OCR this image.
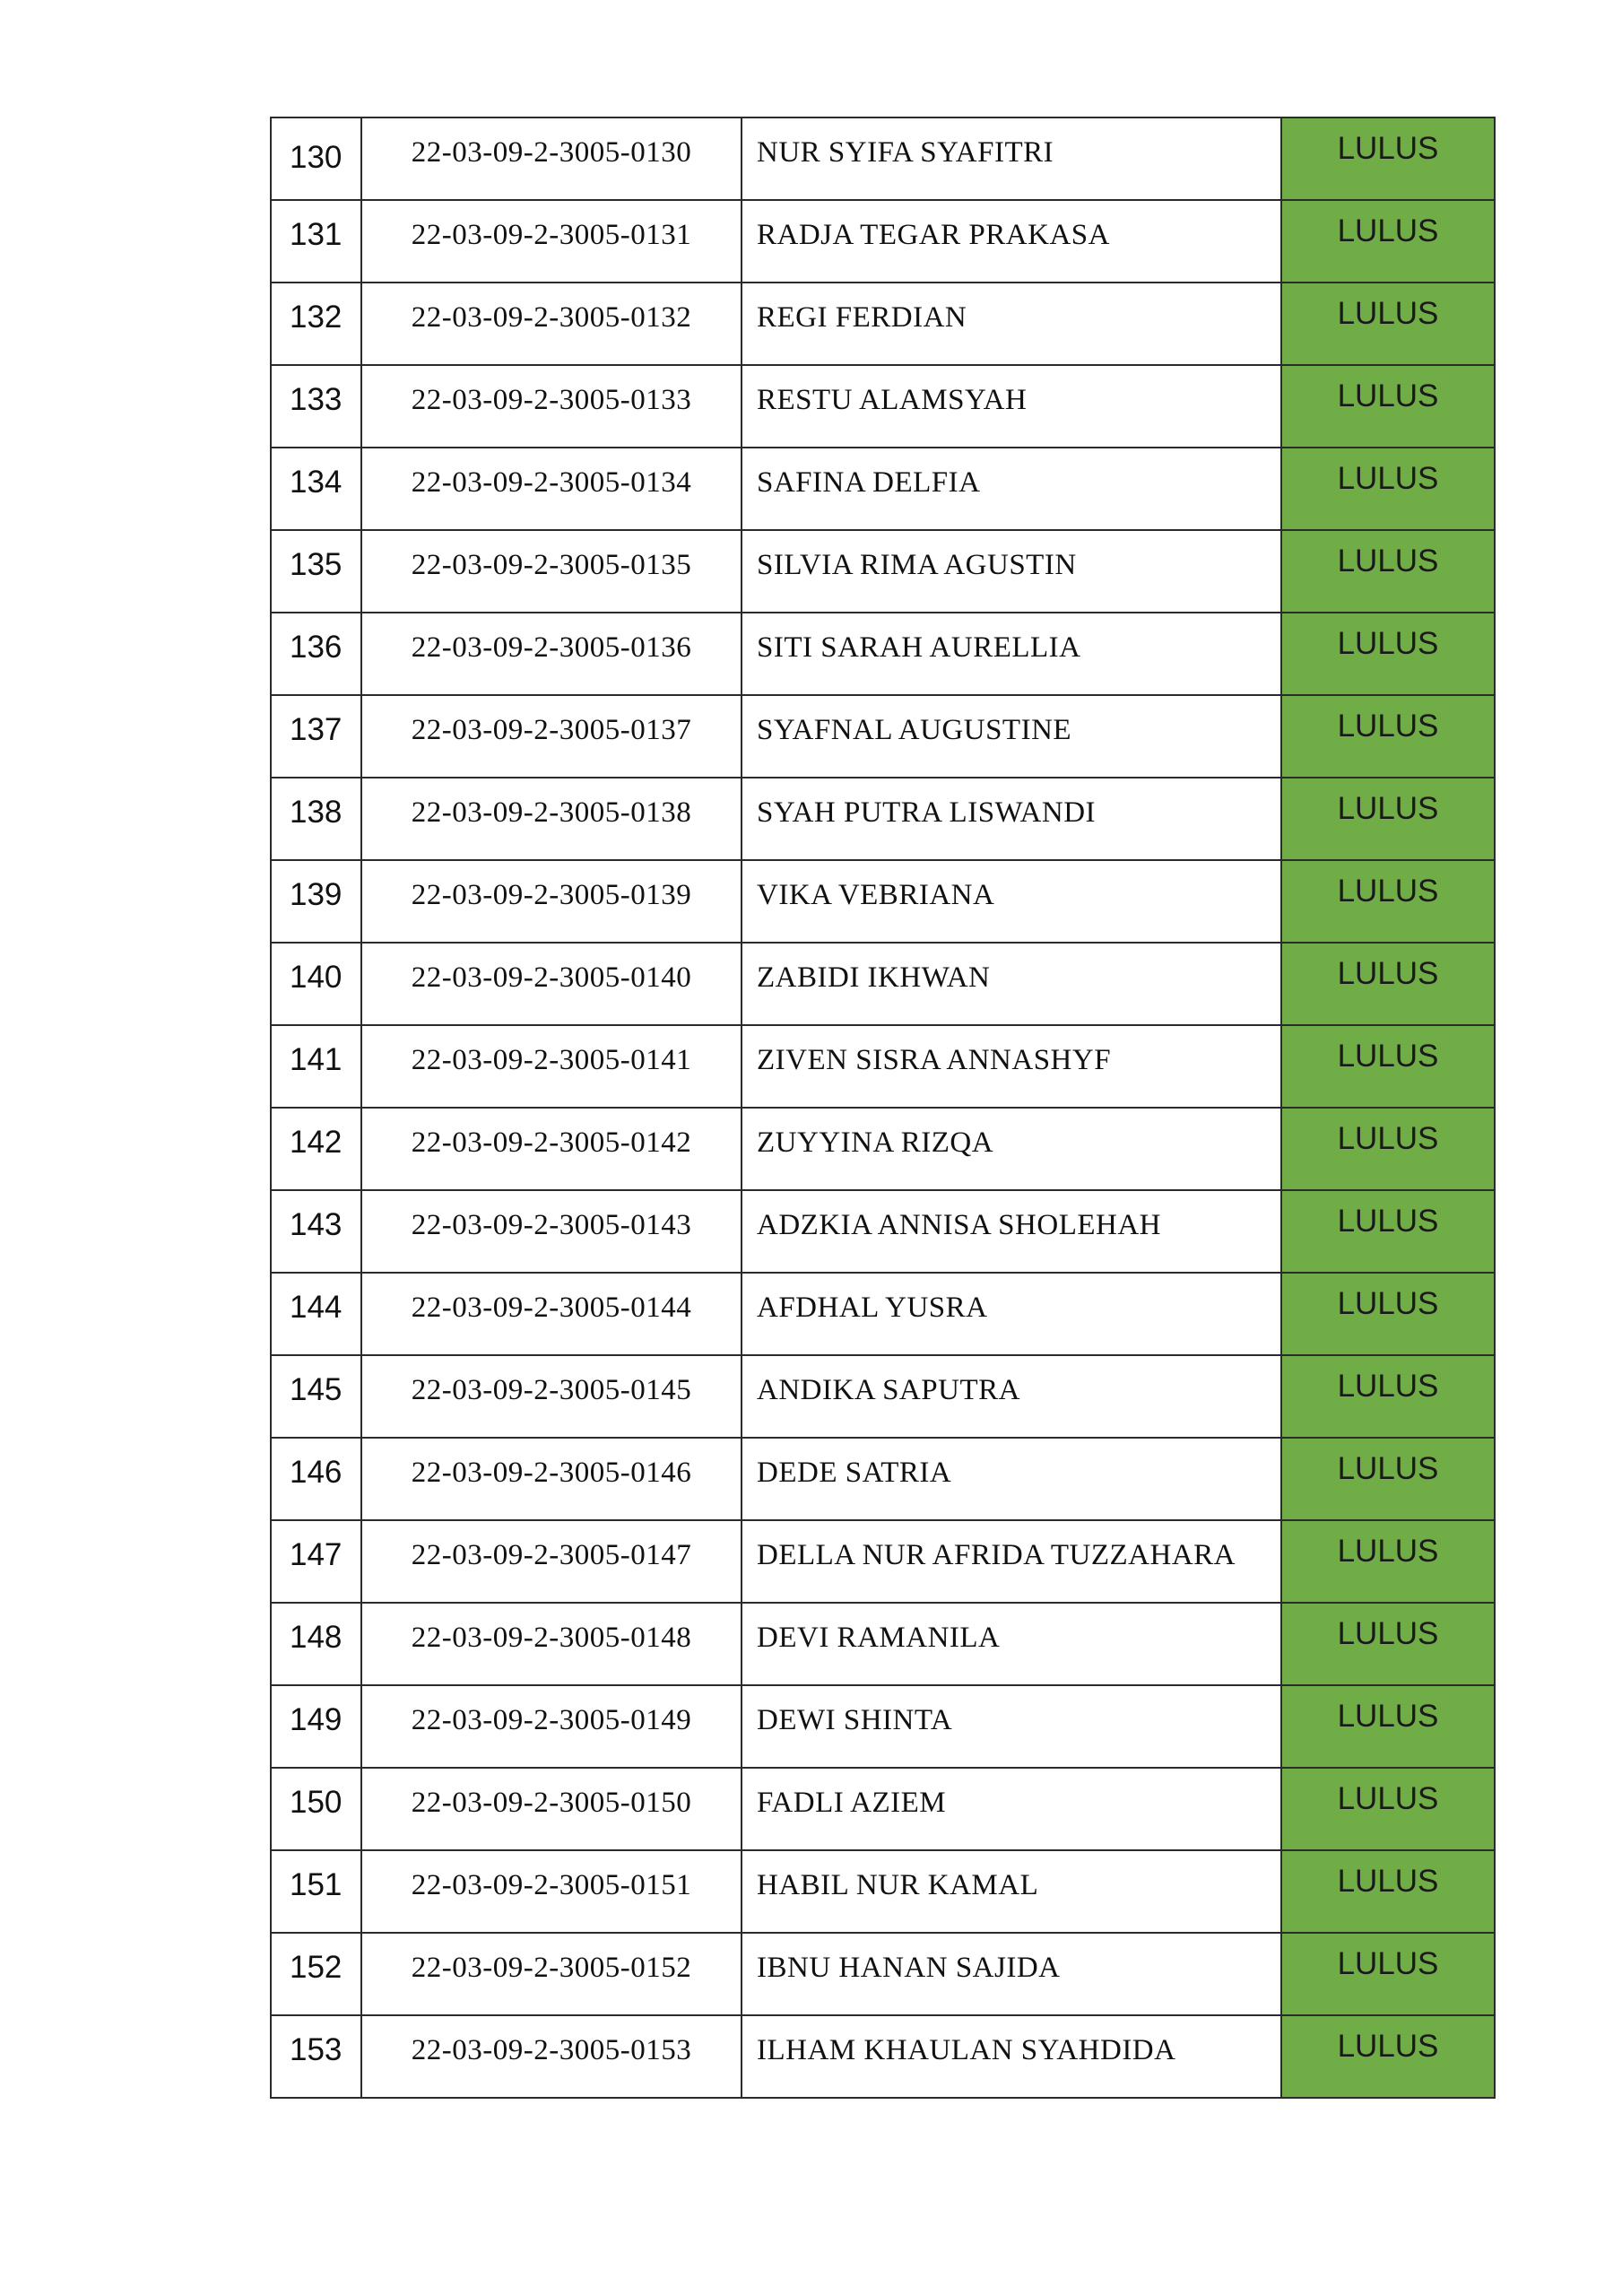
130	22-03-09-2-3005-0130	NUR SYIFA SYAFITRI	LULUS
131	22-03-09-2-3005-0131	RADJA TEGAR PRAKASA	LULUS
132	22-03-09-2-3005-0132	REGI FERDIAN	LULUS
133	22-03-09-2-3005-0133	RESTU ALAMSYAH	LULUS
134	22-03-09-2-3005-0134	SAFINA DELFIA	LULUS
135	22-03-09-2-3005-0135	SILVIA RIMA AGUSTIN	LULUS
136	22-03-09-2-3005-0136	SITI SARAH AURELLIA	LULUS
137	22-03-09-2-3005-0137	SYAFNAL AUGUSTINE	LULUS
138	22-03-09-2-3005-0138	SYAH PUTRA LISWANDI	LULUS
139	22-03-09-2-3005-0139	VIKA VEBRIANA	LULUS
140	22-03-09-2-3005-0140	ZABIDI IKHWAN	LULUS
141	22-03-09-2-3005-0141	ZIVEN SISRA ANNASHYF	LULUS
142	22-03-09-2-3005-0142	ZUYYINA RIZQA	LULUS
143	22-03-09-2-3005-0143	ADZKIA ANNISA SHOLEHAH	LULUS
144	22-03-09-2-3005-0144	AFDHAL YUSRA	LULUS
145	22-03-09-2-3005-0145	ANDIKA SAPUTRA	LULUS
146	22-03-09-2-3005-0146	DEDE SATRIA	LULUS
147	22-03-09-2-3005-0147	DELLA NUR AFRIDA TUZZAHARA	LULUS
148	22-03-09-2-3005-0148	DEVI RAMANILA	LULUS
149	22-03-09-2-3005-0149	DEWI SHINTA	LULUS
150	22-03-09-2-3005-0150	FADLI AZIEM	LULUS
151	22-03-09-2-3005-0151	HABIL NUR KAMAL	LULUS
152	22-03-09-2-3005-0152	IBNU HANAN SAJIDA	LULUS
153	22-03-09-2-3005-0153	ILHAM KHAULAN SYAHDIDA	LULUS
